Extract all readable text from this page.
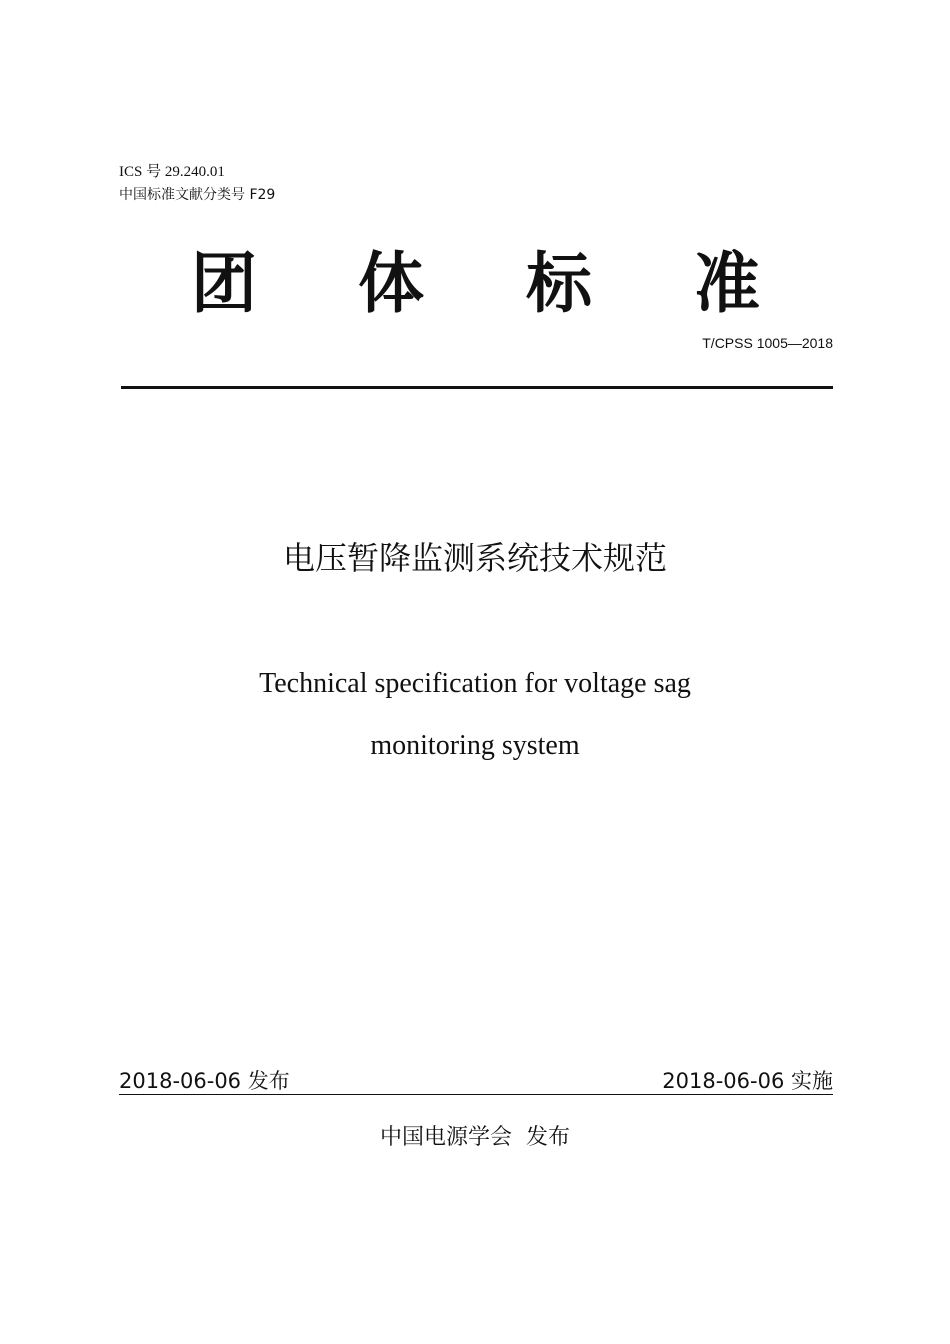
ICS 号 29.240.01
中国标准文献分类号 F29
团 体 标 准
T/CPSS 1005—2018
电压暂降监测系统技术规范
Technical specification for voltage sag
monitoring system
2018-06-06 发布	2018-06-06 实施
中国电源学会  发布
